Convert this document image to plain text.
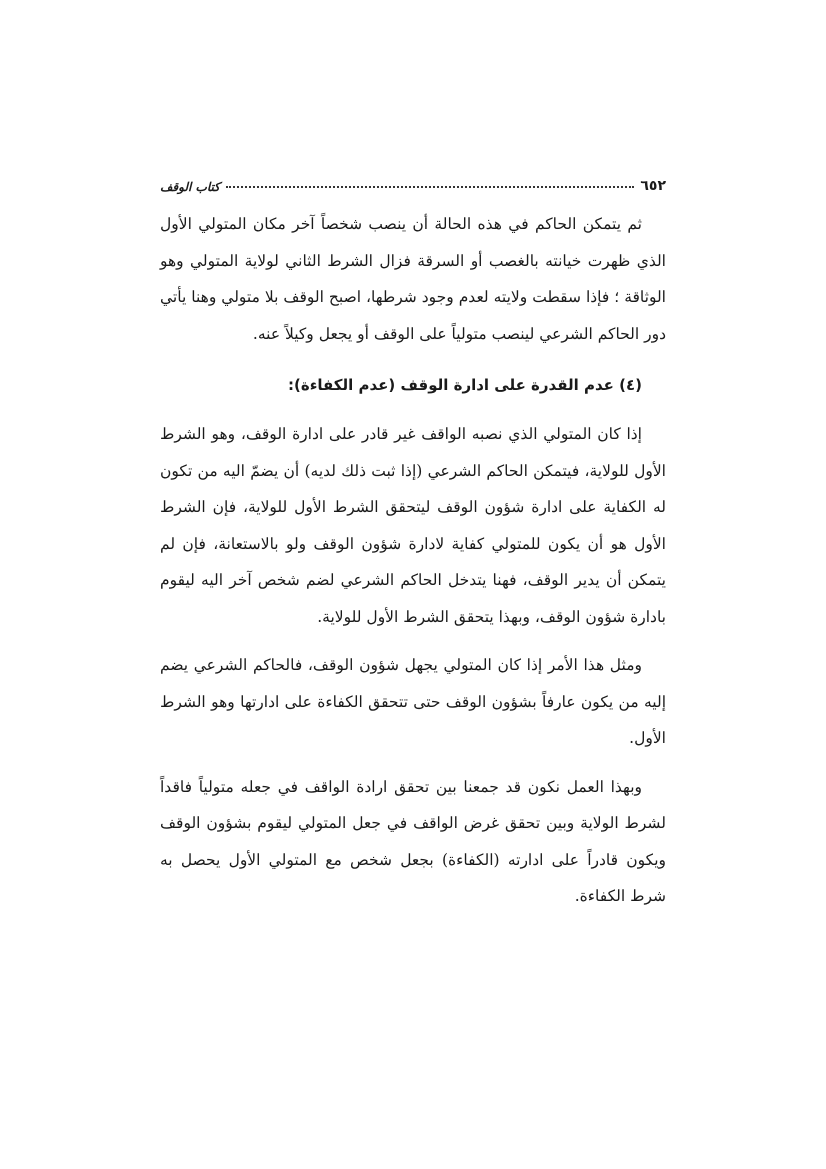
٦٥٢
كتاب الوقف

ثم يتمكن الحاكم في هذه الحالة أن ينصب شخصاً آخر مكان المتولي الأول الذي ظهرت خيانته بالغصب أو السرقة فزال الشرط الثاني لولاية المتولي وهو الوثاقة ؛ فإذا سقطت ولايته لعدم وجود شرطها، اصبح الوقف بلا متولي وهنا يأتي دور الحاكم الشرعي لينصب متولياً على الوقف أو يجعل وكيلاً عنه.

(٤) عدم القدرة على ادارة الوقف (عدم الكفاءة):

إذا كان المتولي الذي نصبه الواقف غير قادر على ادارة الوقف، وهو الشرط الأول للولاية، فيتمكن الحاكم الشرعي (إذا ثبت ذلك لديه) أن يضمّ اليه من تكون له الكفاية على ادارة شؤون الوقف ليتحقق الشرط الأول للولاية، فإن الشرط الأول هو أن يكون للمتولي كفاية لادارة شؤون الوقف ولو بالاستعانة، فإن لم يتمكن أن يدير الوقف، فهنا يتدخل الحاكم الشرعي لضم شخص آخر اليه ليقوم بادارة شؤون الوقف، وبهذا يتحقق الشرط الأول للولاية.

ومثل هذا الأمر إذا كان المتولي يجهل شؤون الوقف، فالحاكم الشرعي يضم إليه من يكون عارفاً بشؤون الوقف حتى تتحقق الكفاءة على ادارتها وهو الشرط الأول.

وبهذا العمل نكون قد جمعنا بين تحقق ارادة الواقف في جعله متولياً فاقداً لشرط الولاية وبين تحقق غرض الواقف في جعل المتولي ليقوم بشؤون الوقف ويكون قادراً على ادارته (الكفاءة) بجعل شخص مع المتولي الأول يحصل به شرط الكفاءة.
